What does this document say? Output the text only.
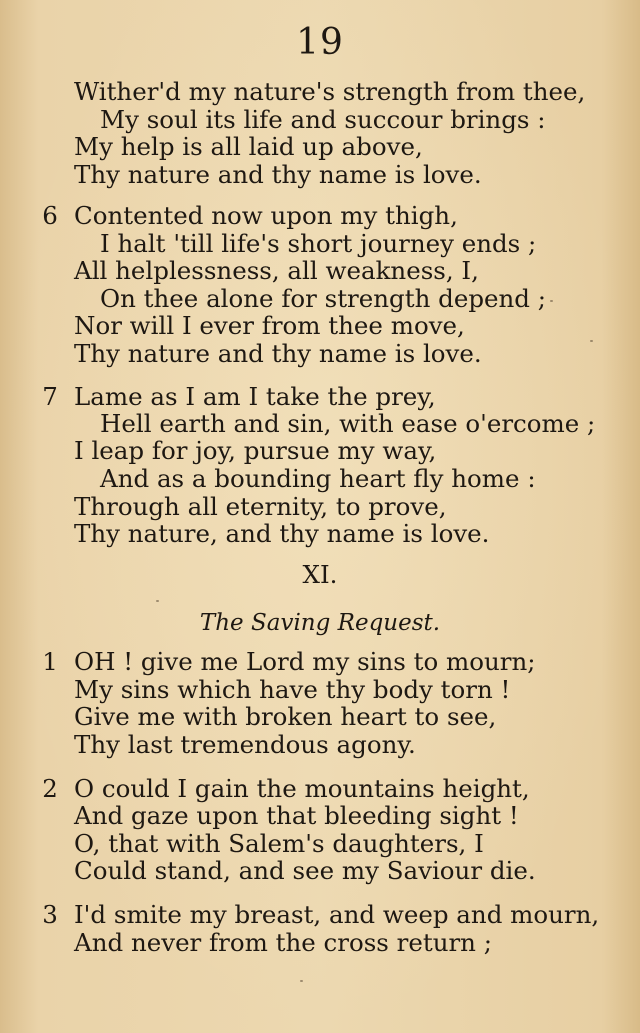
19
Wither'd my nature's strength from thee,
My soul its life and succour brings :
My help is all laid up above,
Thy nature and thy name is love.
6 Contented now upon my thigh,
I halt 'till life's short journey ends ;
All helplessness, all weakness, I,
On thee alone for strength depend ;
Nor will I ever from thee move,
Thy nature and thy name is love.
7 Lame as I am I take the prey,
Hell earth and sin, with ease o'ercome ;
I leap for joy, pursue my way,
And as a bounding heart fly home :
Through all eternity, to prove,
Thy nature, and thy name is love.
XI.
The Saving Request.
1 OH ! give me Lord my sins to mourn;
My sins which have thy body torn !
Give me with broken heart to see,
Thy last tremendous agony.
2 O could I gain the mountains height,
And gaze upon that bleeding sight !
O, that with Salem's daughters, I
Could stand, and see my Saviour die.
3 I'd smite my breast, and weep and mourn,
And never from the cross return ;
